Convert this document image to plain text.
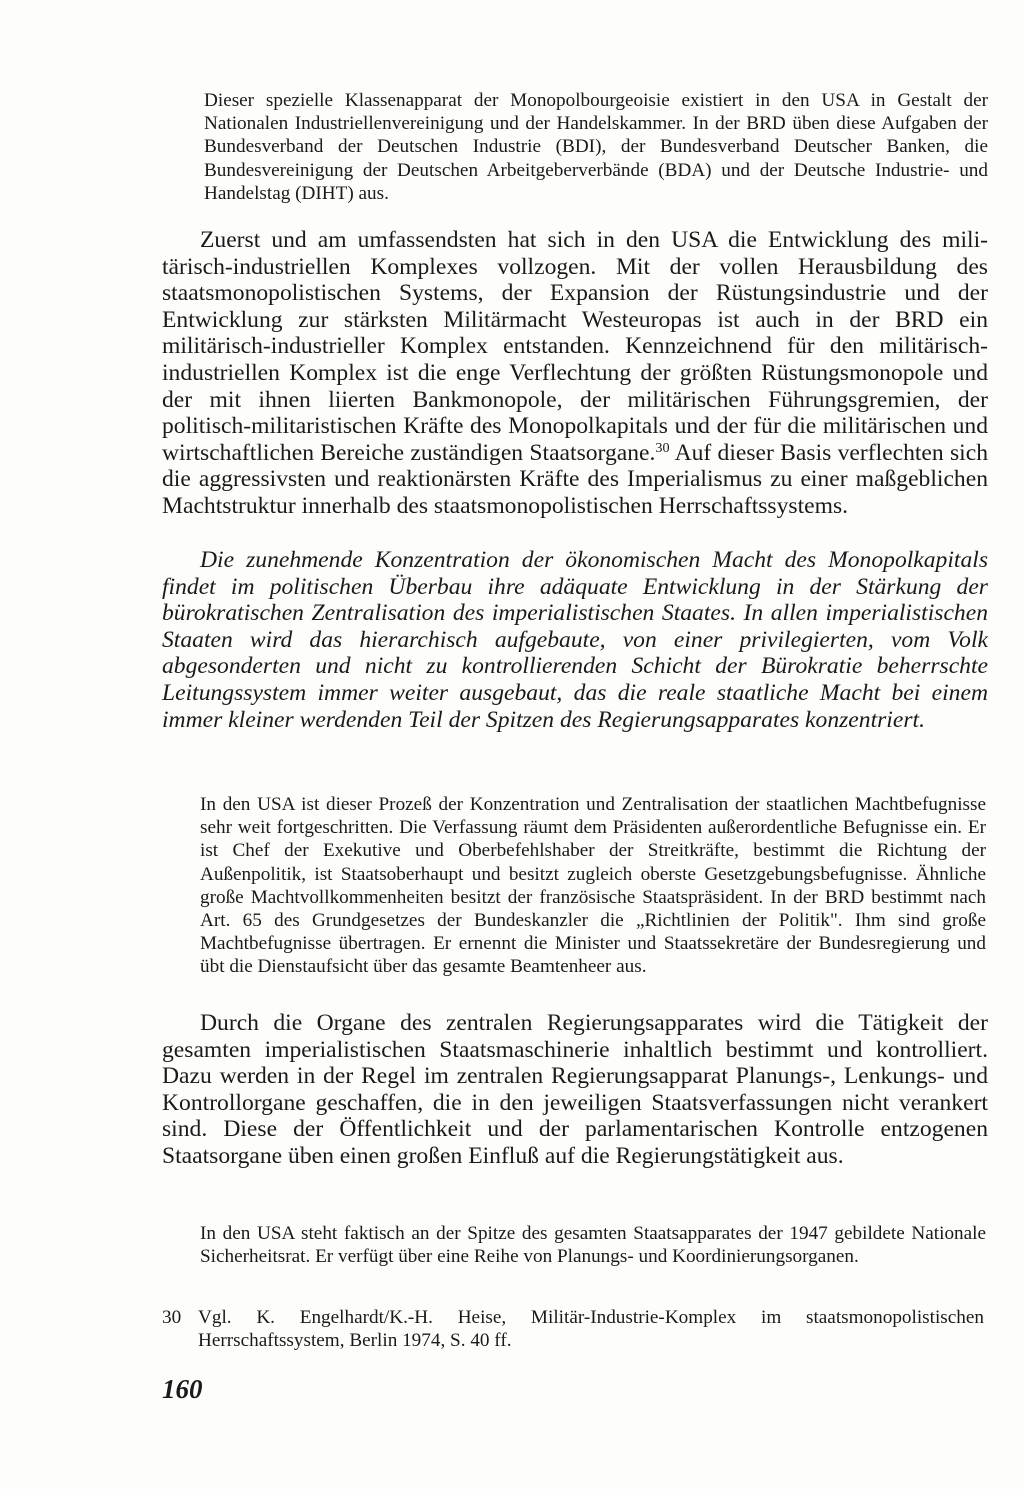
Dieser spezielle Klassenapparat der Monopolbourgeoisie existiert in den USA in Gestalt der Nationalen Industriellenvereinigung und der Handelskammer. In der BRD üben diese Aufgaben der Bundesverband der Deutschen Industrie (BDI), der Bundesverband Deutscher Banken, die Bundesvereinigung der Deutschen Arbeitgeberverbände (BDA) und der Deutsche Industrie- und Handelstag (DIHT) aus.

Zuerst und am umfassendsten hat sich in den USA die Entwicklung des militärisch-industriellen Komplexes vollzogen. Mit der vollen Herausbildung des staatsmonopolistischen Systems, der Expansion der Rüstungsindustrie und der Entwicklung zur stärksten Militärmacht Westeuropas ist auch in der BRD ein militärisch-industrieller Komplex entstanden. Kennzeichnend für den militärisch-industriellen Komplex ist die enge Verflechtung der größten Rüstungsmonopole und der mit ihnen liierten Bankmonopole, der militärischen Führungsgremien, der politisch-militaristischen Kräfte des Monopolkapitals und der für die militärischen und wirtschaftlichen Bereiche zuständigen Staatsorgane.$^{30}$ Auf dieser Basis verflechten sich die aggressivsten und reaktionärsten Kräfte des Imperialismus zu einer maßgeblichen Machtstruktur innerhalb des staatsmonopolistischen Herrschaftssystems.

Die zunehmende Konzentration der ökonomischen Macht des Monopolkapitals findet im politischen Überbau ihre adäquate Entwicklung in der Stärkung der bürokratischen Zentralisation des imperialistischen Staates. In allen imperialistischen Staaten wird das hierarchisch aufgebaute, von einer privilegierten, vom Volk abgesonderten und nicht zu kontrollierenden Schicht der Bürokratie beherrschte Leitungssystem immer weiter ausgebaut, das die reale staatliche Macht bei einem immer kleiner werdenden Teil der Spitzen des Regierungsapparates konzentriert.

In den USA ist dieser Prozeß der Konzentration und Zentralisation der staatlichen Machtbefugnisse sehr weit fortgeschritten. Die Verfassung räumt dem Präsidenten außerordentliche Befugnisse ein. Er ist Chef der Exekutive und Oberbefehlshaber der Streitkräfte, bestimmt die Richtung der Außenpolitik, ist Staatsoberhaupt und besitzt zugleich oberste Gesetzgebungsbefugnisse. Ähnliche große Machtvollkommenheiten besitzt der französische Staatspräsident. In der BRD bestimmt nach Art. 65 des Grundgesetzes der Bundeskanzler die „Richtlinien der Politik". Ihm sind große Machtbefugnisse übertragen. Er ernennt die Minister und Staatssekretäre der Bundesregierung und übt die Dienstaufsicht über das gesamte Beamtenheer aus.

Durch die Organe des zentralen Regierungsapparates wird die Tätigkeit der gesamten imperialistischen Staatsmaschinerie inhaltlich bestimmt und kontrolliert. Dazu werden in der Regel im zentralen Regierungsapparat Planungs-, Lenkungs- und Kontrollorgane geschaffen, die in den jeweiligen Staatsverfassungen nicht verankert sind. Diese der Öffentlichkeit und der parlamentarischen Kontrolle entzogenen Staatsorgane üben einen großen Einfluß auf die Regierungstätigkeit aus.

In den USA steht faktisch an der Spitze des gesamten Staatsapparates der 1947 gebildete Nationale Sicherheitsrat. Er verfügt über eine Reihe von Planungs- und Koordinierungsorganen.

30 Vgl. K. Engelhardt/K.-H. Heise, Militär-Industrie-Komplex im staatsmonopolistischen Herrschaftssystem, Berlin 1974, S. 40 ff.

160
